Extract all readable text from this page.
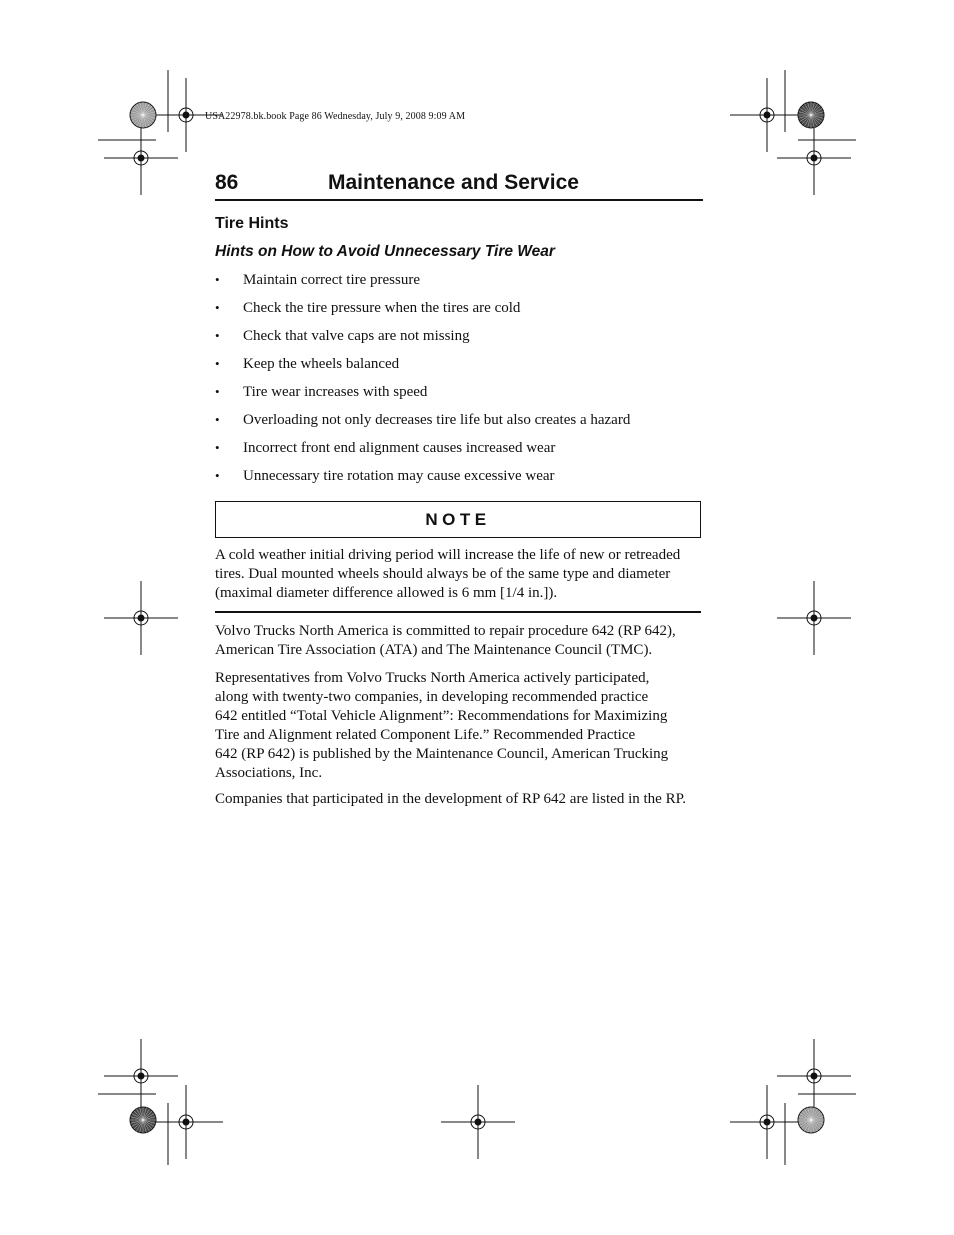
USA22978.bk.book Page 86 Wednesday, July 9, 2008 9:09 AM
86	Maintenance and Service
Tire Hints
Hints on How to Avoid Unnecessary Tire Wear
• Maintain correct tire pressure
• Check the tire pressure when the tires are cold
• Check that valve caps are not missing
• Keep the wheels balanced
• Tire wear increases with speed
• Overloading not only decreases tire life but also creates a hazard
• Incorrect front end alignment causes increased wear
• Unnecessary tire rotation may cause excessive wear
NOTE
A cold weather initial driving period will increase the life of new or retreaded
tires. Dual mounted wheels should always be of the same type and diameter
(maximal diameter difference allowed is 6 mm [1/4 in.]).
Volvo Trucks North America is committed to repair procedure 642 (RP 642),
American Tire Association (ATA) and The Maintenance Council (TMC).
Representatives from Volvo Trucks North America actively participated,
along with twenty-two companies, in developing recommended practice
642 entitled “Total Vehicle Alignment”: Recommendations for Maximizing
Tire and Alignment related Component Life.” Recommended Practice
642 (RP 642) is published by the Maintenance Council, American Trucking
Associations, Inc.
Companies that participated in the development of RP 642 are listed in the RP.
